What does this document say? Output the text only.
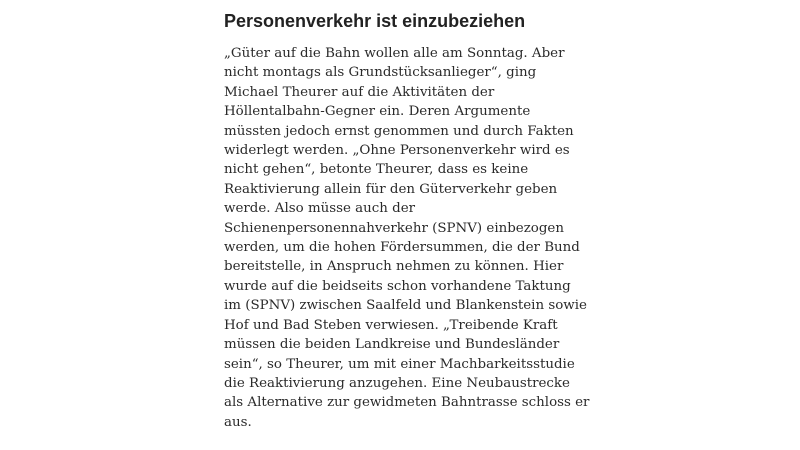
Personenverkehr ist einzubeziehen

„Güter auf die Bahn wollen alle am Sonntag. Aber
nicht montags als Grundstücksanlieger“, ging
Michael Theurer auf die Aktivitäten der
Höllentalbahn-Gegner ein. Deren Argumente
müssten jedoch ernst genommen und durch Fakten
widerlegt werden. „Ohne Personenverkehr wird es
nicht gehen“, betonte Theurer, dass es keine
Reaktivierung allein für den Güterverkehr geben
werde. Also müsse auch der
Schienenpersonennahverkehr (SPNV) einbezogen
werden, um die hohen Fördersummen, die der Bund
bereitstelle, in Anspruch nehmen zu können. Hier
wurde auf die beidseits schon vorhandene Taktung
im (SPNV) zwischen Saalfeld und Blankenstein sowie
Hof und Bad Steben verwiesen. „Treibende Kraft
müssen die beiden Landkreise und Bundesländer
sein“, so Theurer, um mit einer Machbarkeitsstudie
die Reaktivierung anzugehen. Eine Neubaustrecke
als Alternative zur gewidmeten Bahntrasse schloss er
aus.
